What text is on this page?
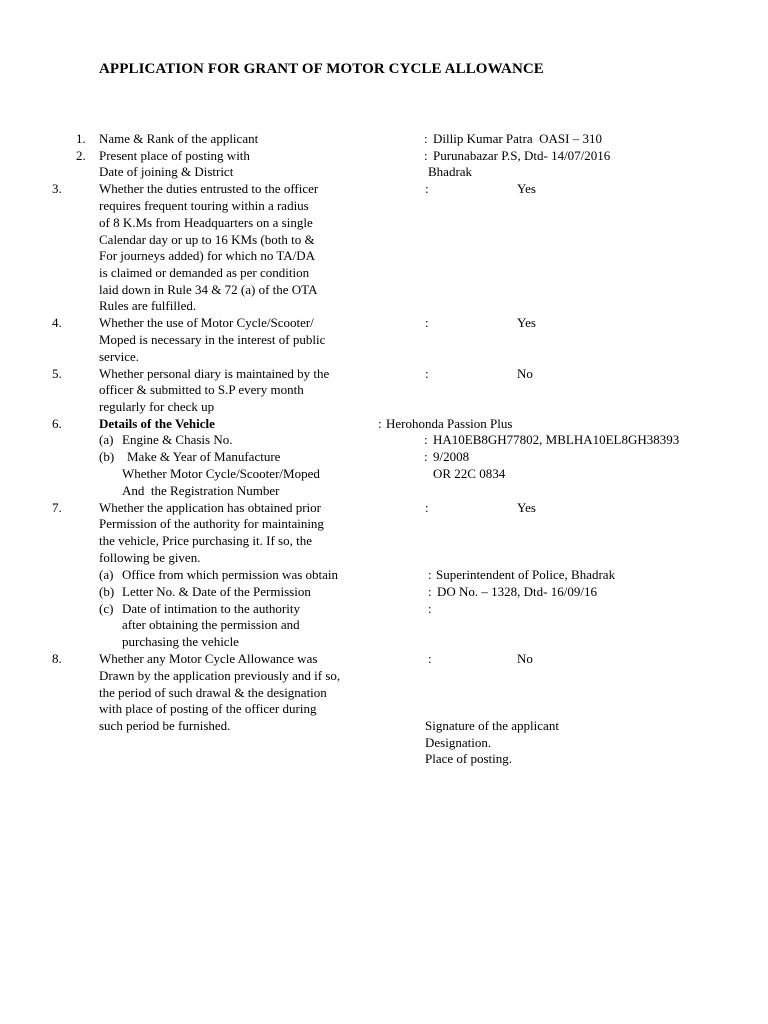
APPLICATION FOR GRANT OF MOTOR CYCLE ALLOWANCE
1. Name & Rank of the applicant	: Dillip Kumar Patra  OASI – 310
2. Present place of posting with
Date of joining & District
: Purunabazar P.S, Dtd- 14/07/2016
Bhadrak
3.	Whether the duties entrusted to the officer
requires frequent touring within a radius
of 8 K.Ms from Headquarters on a single
Calendar day or up to 16 KMs (both to &
For journeys added) for which no TA/DA
is claimed or demanded as per condition
laid down in Rule 34 & 72 (a) of the OTA
Rules are fulfilled.
:	Yes
4.	Whether the use of Motor Cycle/Scooter/
Moped is necessary in the interest of public
service.
:	Yes
5.	Whether personal diary is maintained by the
officer & submitted to S.P every month
regularly for check up
:	No
6.	Details of the Vehicle	: Herohonda Passion Plus
(a) Engine & Chasis No.	: HA10EB8GH77802, MBLHA10EL8GH38393
(b) Make & Year of Manufacture
Whether Motor Cycle/Scooter/Moped
And  the Registration Number
: 9/2008
OR 22C 0834
7.	Whether the application has obtained prior
Permission of the authority for maintaining
the vehicle, Price purchasing it. If so, the
following be given.
:	Yes
(a) Office from which permission was obtain	: Superintendent of Police, Bhadrak
(b) Letter No. & Date of the Permission	: DO No. – 1328, Dtd- 16/09/16
(c) Date of intimation to the authority
after obtaining the permission and
purchasing the vehicle
:
8.	Whether any Motor Cycle Allowance was
Drawn by the application previously and if so,
the period of such drawal & the designation
with place of posting of the officer during
such period be furnished.
:	No
Signature of the applicant
Designation.
Place of posting.
